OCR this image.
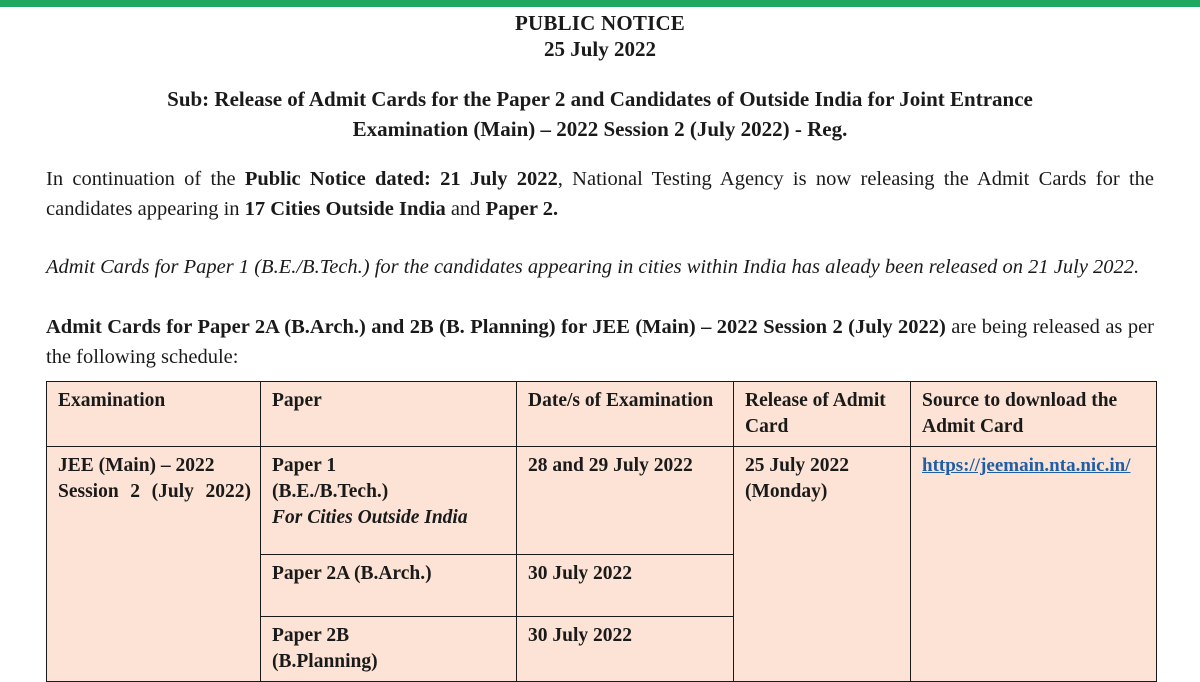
PUBLIC NOTICE
25 July 2022
Sub: Release of Admit Cards for the Paper 2 and Candidates of Outside India for Joint Entrance
Examination (Main) – 2022 Session 2 (July 2022) - Reg.

In continuation of the Public Notice dated: 21 July 2022, National Testing Agency is now releasing the Admit Cards for the candidates appearing in 17 Cities Outside India and Paper 2.

Admit Cards for Paper 1 (B.E./B.Tech.) for the candidates appearing in cities within India has aleady been released on 21 July 2022.

Admit Cards for Paper 2A (B.Arch.) and 2B (B. Planning) for JEE (Main) – 2022 Session 2 (July 2022) are being released as per the following schedule:

Examination	Paper	Date/s of Examination	Release of Admit Card	Source to download the Admit Card
JEE (Main) – 2022 Session 2 (July 2022)	Paper 1
(B.E./B.Tech.)
For Cities Outside India	28 and 29 July 2022	25 July 2022 (Monday)	https://jeemain.nta.nic.in/
	Paper 2A (B.Arch.)	30 July 2022		
	Paper 2B
(B.Planning)	30 July 2022		
